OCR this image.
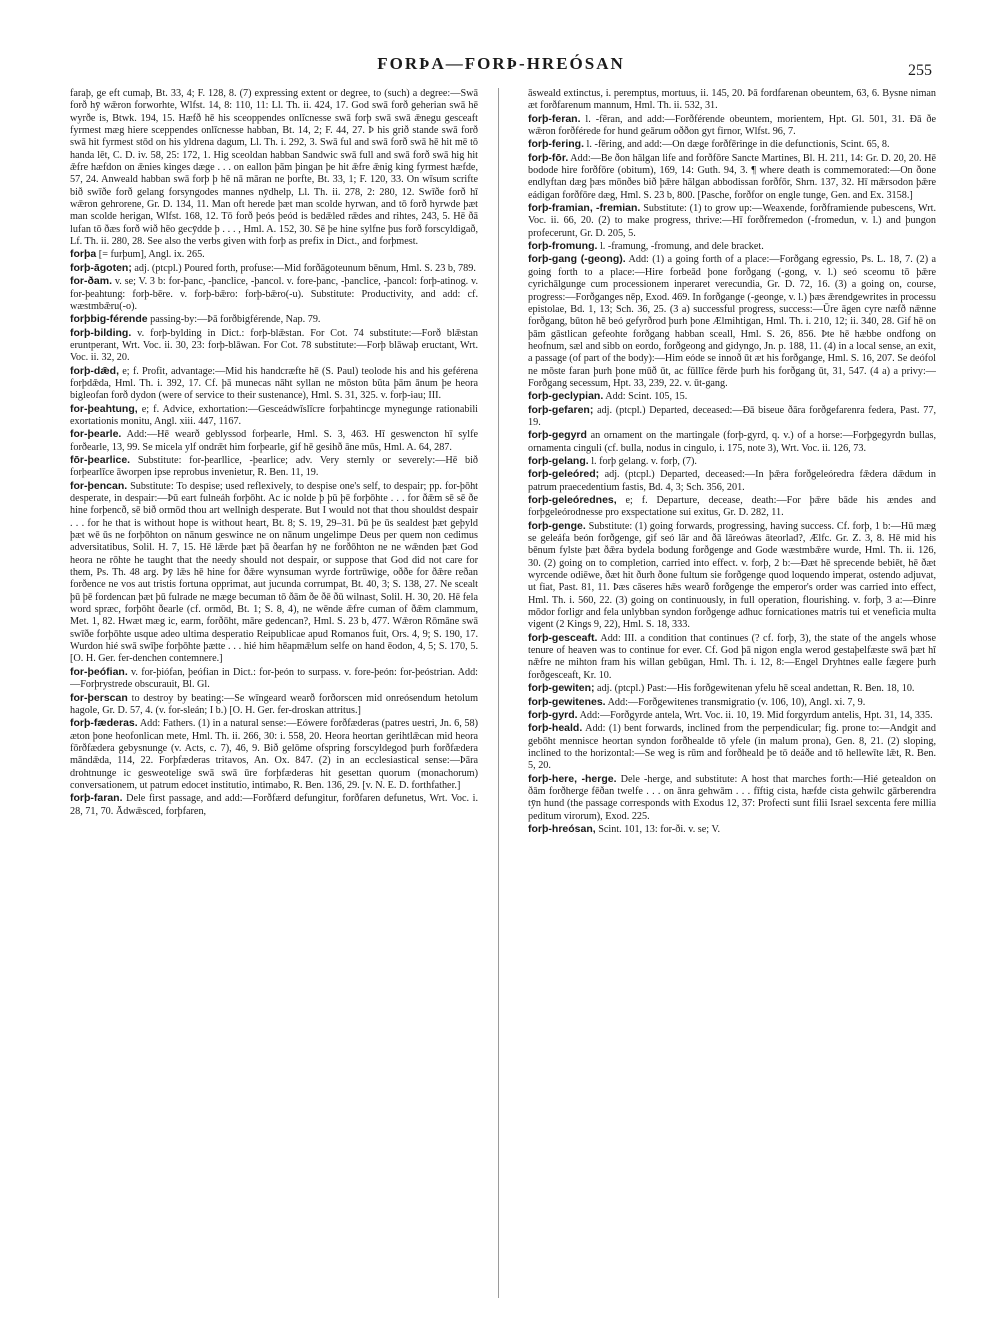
FORÞA—FORÞ-HREÓSAN	255

faraþ, ge eft cumaþ, Bt. 33, 4; F. 128, 8. (7) expressing extent or degree, to (such) a degree:—Swā forð hȳ wǣron forworhte, Wlfst. 14, 8: 110, 11: Ll. Th. ii. 424, 17. God swā forð geherian swā hē wyrðe is, Btwk. 194, 15. Hæfð hē his sceoppendes onlīcnesse swā forþ swā swā ǣnegu gesceaft fyrmest mæg hiere sceppendes onlīcnesse habban, Bt. 14, 2; F. 44, 27. Þ his grið stande swā forð swā hit fyrmest stōd on his yldrena dagum, Ll. Th. i. 292, 3. Swā ful and swā forð swā hē hit mē tō handa lēt, C. D. iv. 58, 25: 172, 1. Hig sceoldan habban Sandwic swā full and swā forð swā hig hit ǣfre hæfdon on ǣnies kinges dæge . . . on eallon þām þingan þe hit ǣfre ǣnig king fyrmest hæfde, 57, 24. Anweald habban swā forþ þ hē nā māran ne þorfte, Bt. 33, 1; F. 120, 33. On wīsum scrifte bið swīðe forð gelang forsyngodes mannes nȳdhelp, Ll. Th. ii. 278, 2: 280, 12. Swīðe forð hī wǣron gehrorene, Gr. D. 134, 11. Man oft herede þæt man scolde hyrwan, and tō forð hyrwde þæt man scolde herigan, Wlfst. 168, 12. Tō forð þeós þeód is bedǣled rǣdes and rihtes, 243, 5. Hē ðā lufan tō ðæs forð wið hēo gecȳdde þ . . . , Hml. A. 152, 30. Sē þe hine sylfne þus forð forscyldigað, Lf. Th. ii. 280, 28. See also the verbs given with forþ as prefix in Dict., and forþmest.

forþa [= furþum], Angl. ix. 265.

forþ-āgoten; adj. (ptcpl.) Poured forth, profuse:—Mid forðāgoteunum bēnum, Hml. S. 23 b, 789.

for-ðam. v. se; V. 3 b: for-þanc, -þanclice, -þancol. v. fore-þanc, -þanclice, -þancol: forþ-atinog. v. for-þeahtung: forþ-bēre. v. forþ-bǣro: forþ-bǣro(-u). Substitute: Productivity, and add: cf. wæstmbǣru(-o).

forþbig-férende passing-by:—Þā forðbigférende, Nap. 79.

forþ-bilding. v. forþ-bylding in Dict.: forþ-blǣstan. For Cot. 74 substitute:—Forð blǣstan eruntperant, Wrt. Voc. ii. 30, 23: forþ-blāwan. For Cot. 78 substitute:—Forþ blāwaþ eructant, Wrt. Voc. ii. 32, 20.

forþ-dǣd, e; f. Profit, advantage:—Mid his handcræfte hē (S. Paul) teolode his and his geférena forþdǣda, Hml. Th. i. 392, 17. Cf. þā munecas nāht syllan ne mōston būta þām ānum þe heora bigleofan forð dydon (were of service to their sustenance), Hml. S. 31, 325. v. forþ-iau; III.

for-þeahtung, e; f. Advice, exhortation:—Gesceádwīslīcre forþahtincge mynegunge rationabili exortationis monitu, Angl. xiii. 447, 1167.

for-þearle. Add:—Hē wearð geblyssod forþearle, Hml. S. 3, 463. Hī geswencton hī sylfe forðearle, 13, 99. Se micela ylf ondrǣt him forþearle, gif hē gesihð āne mūs, Hml. A. 64, 287.

fōr-þearlice. Substitute: for-þearllice, -þearlice; adv. Very sternly or severely:—Hē bið forþearlīce āworpen ipse reprobus invenietur, R. Ben. 11, 19.

for-þencan. Substitute: To despise; used reflexively, to despise one's self, to despair; pp. for-þōht desperate, in despair:—Þū eart fulneáh forþōht. Ac ic nolde þ þū þē forþōhte . . . for ðǣm sē sē ðe hine forþencð, sē bið ormōd thou art wellnigh desperate. But I would not that thou shouldst despair . . . for he that is without hope is without heart, Bt. 8; S. 19, 29–31. Þū þe ūs sealdest þæt geþyld þæt wē ūs ne forþōhton on nānum geswince ne on nānum ungelimpe Deus per quem non cedimus adversitatibus, Solil. H. 7, 15. Hē lǣrde þæt þā ðearfan hȳ ne forðōhton ne ne wǣnden þæt God heora ne rōhte he taught that the needy should not despair, or suppose that God did not care for them, Ps. Th. 48 arg. Þȳ lǣs hē hine for ðǣre wynsuman wyrde fortrūwige, oððe for ðǣre reðan forðence ne vos aut tristis fortuna opprimat, aut jucunda corrumpat, Bt. 40, 3; S. 138, 27. Ne scealt þū þē fordencan þæt þū fulrade ne mæge becuman tō ðām ðe ðē ðū wilnast, Solil. H. 30, 20. Hē fela word spræc, forþōht ðearle (cf. ormōd, Bt. 1; S. 8, 4), ne wēnde ǣfre cuman of ðǣm clammum, Met. 1, 82. Hwæt mæg ic, earm, forðōht, māre gedencan?, Hml. S. 23 b, 477. Wǣron Rōmāne swā swīðe forþōhte usque adeo ultima desperatio Reipublicae apud Romanos fuit, Ors. 4, 9; S. 190, 17. Wurdon hié swā swīþe forþōhte þætte . . . hié him hēapmǣlum selfe on hand ēodon, 4, 5; S. 170, 5. [O. H. Ger. fer-denchen contemnere.]

for-þeófian. v. for-þiófan, þeófian in Dict.: for-þeón to surpass. v. fore-þeón: for-þeóstrian. Add:—Forþrystrede obscurauit, Bl. Gl.

for-þerscan to destroy by beating:—Se wīngeard wearð forðorscen mid onreósendum hetolum hagole, Gr. D. 57, 4. (v. for-sleán; I b.) [O. H. Ger. fer-droskan attritus.]

forþ-fæderas. Add: Fathers. (1) in a natural sense:—Eówere forðfæderas (patres uestri, Jn. 6, 58) æton þone heofonlican mete, Hml. Th. ii. 266, 30: i. 558, 20. Heora heortan gerihtlǣcan mid heora fōrðfædera gebysnunge (v. Acts, c. 7), 46, 9. Bið gelōme ofspring forscyldegod þurh forðfædera māndǣda, 114, 22. Forþfæderas tritavos, An. Ox. 847. (2) in an ecclesiastical sense:—Þāra drohtnunge ic gesweotelige swā swā ūre forþfæderas hit gesettan quorum (monachorum) conversationem, ut patrum edocet institutio, intimabo, R. Ben. 136, 29. [v. N. E. D. forthfather.]

forþ-faran. Dele first passage, and add:—Forðfærd defungitur, forðfaren defunetus, Wrt. Voc. i. 28, 71, 70. Ādwǣsced, forþfaren,

āsweald extinctus, i. peremptus, mortuus, ii. 145, 20. Þā fordfarenan obeuntem, 63, 6. Bysne niman æt forðfarenum mannum, Hml. Th. ii. 532, 31.

forþ-feran. l. -fēran, and add:—Forðférende obeuntem, morientem, Hpt. Gl. 501, 31. Ðā ðe wǣron forðférede for hund geārum oððon gyt firnor, Wlfst. 96, 7.

forþ-fering. l. -fēring, and add:—On dæge forðfēringe in die defunctionis, Scint. 65, 8.

forþ-fōr. Add:—Be ðon hālgan life and forðfōre Sancte Martines, Bl. H. 211, 14: Gr. D. 20, 20. Hē bodode hire forðfōre (obitum), 169, 14: Guth. 94, 3. ¶ where death is commemorated:—On ðone endlyftan dæg þæs mōnðes bið þǣre hālgan abbodissan forðfōr, Shrn. 137, 32. Hī mǣrsodon þǣre eádigan forðfōre dæg, Hml. S. 23 b, 800. [Pasche, forðfor on engle tunge, Gen. and Ex. 3158.]

forþ-framian, -fremian. Substitute: (1) to grow up:—Weaxende, forðframiende pubescens, Wrt. Voc. ii. 66, 20. (2) to make progress, thrive:—Hī forðfremedon (-fromedun, v. l.) and þungon profecerunt, Gr. D. 205, 5.

forþ-fromung. l. -framung, -fromung, and dele bracket.

forþ-gang (-geong). Add: (1) a going forth of a place:—Forðgang egressio, Ps. L. 18, 7. (2) a going forth to a place:—Hire forbeād þone forðgang (-gong, v. l.) seó sceomu tō þǣre cyrichālgunge cum processionem inperaret verecundia, Gr. D. 72, 16. (3) a going on, course, progress:—Forðganges nēp, Exod. 469. In forðgange (-geonge, v. l.) þæs ǣrendgewrites in processu epistolae, Bd. 1, 13; Sch. 36, 25. (3 a) successful progress, success:—Ūre āgen cyre næfð nǣnne forðgang, būton hē beó gefyrðrod þurh þone Ælmihtigan, Hml. Th. i. 210, 12; ii. 340, 28. Gif hē on þām gāstlican gefeohte forðgang habban sceall, Hml. S. 26, 856. Þte hē hæbbe ondfong on heofnum, sæl and sibb on eordo, forðgeong and gidyngo, Jn. p. 188, 11. (4) in a local sense, an exit, a passage (of part of the body):—Him eóde se innoð ūt æt his forðgange, Hml. S. 16, 207. Se deófol ne mōste faran þurh þone mūð ūt, ac fūllīce fērde þurh his forðgang ūt, 31, 547. (4 a) a privy:—Forðgang secessum, Hpt. 33, 239, 22. v. ūt-gang.

forþ-geclypian. Add: Scint. 105, 15.

forþ-gefaren; adj. (ptcpl.) Departed, deceased:—Ðā biseue ðāra forðgefarenra federa, Past. 77, 19.

forþ-gegyrd an ornament on the martingale (forþ-gyrd, q. v.) of a horse:—Forþgegyrdn bullas, ornamenta cinguli (cf. bulla, nodus in cingulo, i. 175, note 3), Wrt. Voc. ii. 126, 73.

forþ-gelang. l. forþ gelang. v. forþ, (7).

forþ-geleóred; adj. (ptcpl.) Departed, deceased:—In þǣra forðgeleóredra fǣdera dǣdum in patrum praecedentium fastis, Bd. 4, 3; Sch. 356, 201.

forþ-geleórednes, e; f. Departure, decease, death:—For þǣre bāde his ændes and forþgeleórodnesse pro exspectatione sui exitus, Gr. D. 282, 11.

forþ-genge. Substitute: (1) going forwards, progressing, having success. Cf. forþ, 1 b:—Hū mæg se geleáfa beón forðgenge, gif seó lār and ðā lāreówas āteorlad?, Ælfc. Gr. Z. 3, 8. Hē mid his bēnum fylste þæt ðǣra bydela bodung forðgenge and Gode wæstmbǣre wurde, Hml. Th. ii. 126, 30. (2) going on to completion, carried into effect. v. forþ, 2 b:—Ðæt hē sprecende bebiēt, hē ðæt wyrcende odiēwe, ðæt hit ðurh ðone fultum sie forðgenge quod loquendo imperat, ostendo adjuvat, ut fiat, Past. 81, 11. Þæs cāseres hǣs wearð forðgenge the emperor's order was carried into effect, Hml. Th. i. 560, 22. (3) going on continuously, in full operation, flourishing. v. forþ, 3 a:—Ðinre mōdor forligr and fela unlybban syndon forðgenge adhuc fornicationes matris tui et veneficia multa vigent (2 Kings 9, 22), Hml. S. 18, 333.

forþ-gesceaft. Add: III. a condition that continues (? cf. forþ, 3), the state of the angels whose tenure of heaven was to continue for ever. Cf. God þā nigon engla werod gestaþelfæste swā þæt hī nǣfre ne mihton fram his willan gebūgan, Hml. Th. i. 12, 8:—Engel Dryhtnes ealle fægere þurh forðgesceaft, Kr. 10.

forþ-gewiten; adj. (ptcpl.) Past:—His forðgewitenan yfelu hē sceal andettan, R. Ben. 18, 10.

forþ-gewitenes. Add:—Forðgewitenes transmigratio (v. 106, 10), Angl. xi. 7, 9.

forþ-gyrd. Add:—Forðgyrde antela, Wrt. Voc. ii. 10, 19. Mid forgyrdum antelis, Hpt. 31, 14, 335.

forþ-heald. Add: (1) bent forwards, inclined from the perpendicular; fig. prone to:—Andgit and gebōht mennisce heortan syndon forðhealde tō yfele (in malum prona), Gen. 8, 21. (2) sloping, inclined to the horizontal:—Se weg is rūm and forðheald þe tō deáðe and tō hellewīte lǣt, R. Ben. 5, 20.

forþ-here, -herge. Dele -herge, and substitute: A host that marches forth:—Hié getealdon on ðām forðherge fēðan twelfe . . . on ānra gehwām . . . fīftig cista, hæfde cista gehwilc gārberendra tȳn hund (the passage corresponds with Exodus 12, 37: Profecti sunt filii Israel sexcenta fere millia peditum virorum), Exod. 225.

forþ-hreósan, Scint. 101, 13: for-ði. v. se; V.
